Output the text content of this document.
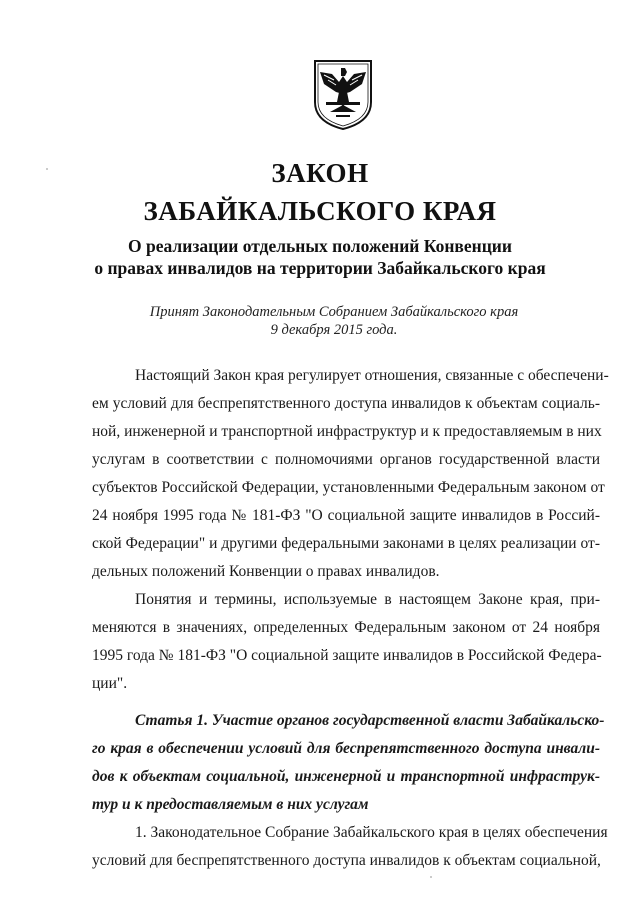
ЗАКОН
ЗАБАЙКАЛЬСКОГО КРАЯ
О реализации отдельных положений Конвенции
о правах инвалидов на территории Забайкальского края
Принят Законодательным Собранием Забайкальского края
9 декабря 2015 года.
Настоящий Закон края регулирует отношения, связанные с обеспечени-
ем условий для беспрепятственного доступа инвалидов к объектам социаль-
ной, инженерной и транспортной инфраструктур и к предоставляемым в них
услугам в соответствии с полномочиями органов государственной власти
субъектов Российской Федерации, установленными Федеральным законом от
24 ноября 1995 года № 181-ФЗ "О социальной защите инвалидов в Россий-
ской Федерации" и другими федеральными законами в целях реализации от-
дельных положений Конвенции о правах инвалидов.
Понятия и термины, используемые в настоящем Законе края, при-
меняются в значениях, определенных Федеральным законом от 24 ноября
1995 года № 181-ФЗ "О социальной защите инвалидов в Российской Федера-
ции".
Статья 1. Участие органов государственной власти Забайкальско-
го края в обеспечении условий для беспрепятственного доступа инвали-
дов к объектам социальной, инженерной и транспортной инфраструк-
тур и к предоставляемым в них услугам
1. Законодательное Собрание Забайкальского края в целях обеспечения
условий для беспрепятственного доступа инвалидов к объектам социальной,
